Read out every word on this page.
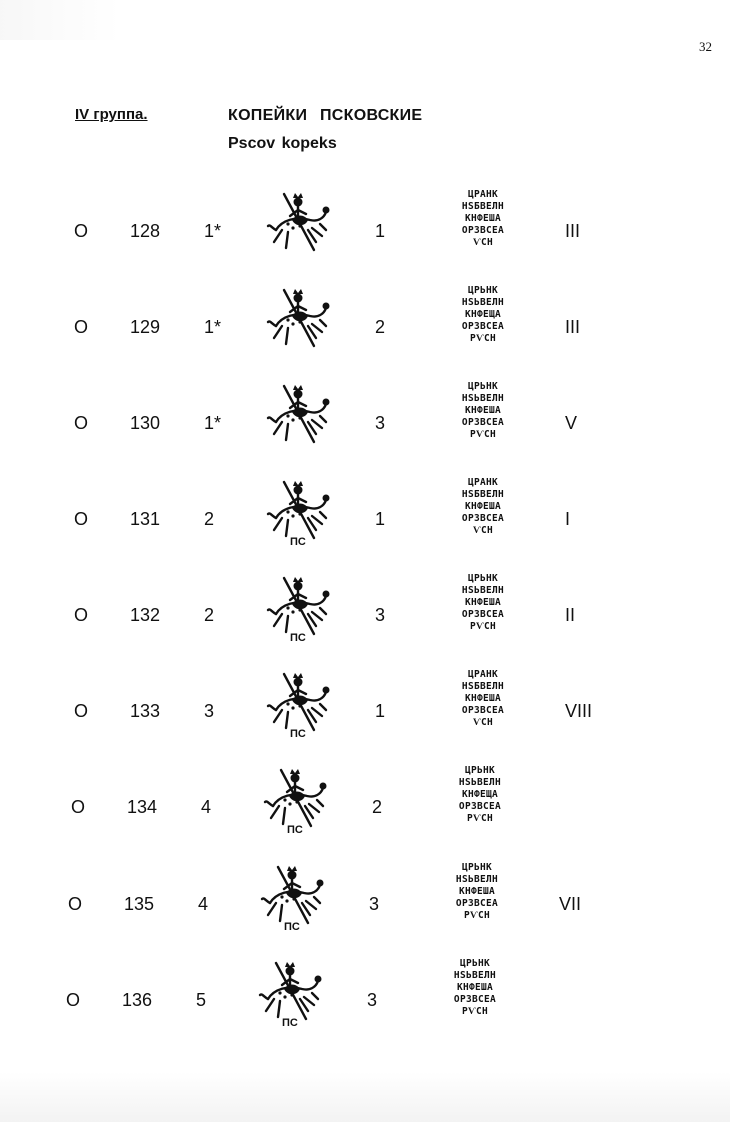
32
IV группа.	КОПЕЙКИ ПСКОВСКИЕ
Pscov kopeks
O 128 1*	1	III
ЦРАНК
НЅБВЕЛН
КНФЕША
ОРЗВСЕА
ѴСН
O 129 1*	2	III
ЦРЬНК
НЅЬВЕЛН
КНФЕЩА
ОРЗВСЕА
РѴСН
O 130 1*	3	V
ЦРЬНК
НЅЬВЕЛН
КНФЕША
ОРЗВСЕА
РѴСН
O 131 2	1	I
ПС
ЦРАНК
НЅБВЕЛН
КНФЕША
ОРЗВСЕА
ѴСН
O 132 2	3	II
ПС
ЦРЬНК
НЅЬВЕЛН
КНФЕША
ОРЗВСЕА
РѴСН
O 133 3	1	VIII
ПС
ЦРАНК
НЅБВЕЛН
КНФЕША
ОРЗВСЕА
ѴСН
O 134 4	2
ПС
ЦРЬНК
НЅЬВЕЛН
КНФЕЩА
ОРЗВСЕА
РѴСН
O 135 4	3	VII
ПС
ЦРЬНК
НЅЬВЕЛН
КНФЕША
ОРЗВСЕА
РѴСН
O 136 5	3
ПС
ЦРЬНК
НЅЬВЕЛН
КНФЕША
ОРЗВСЕА
РѴСН
